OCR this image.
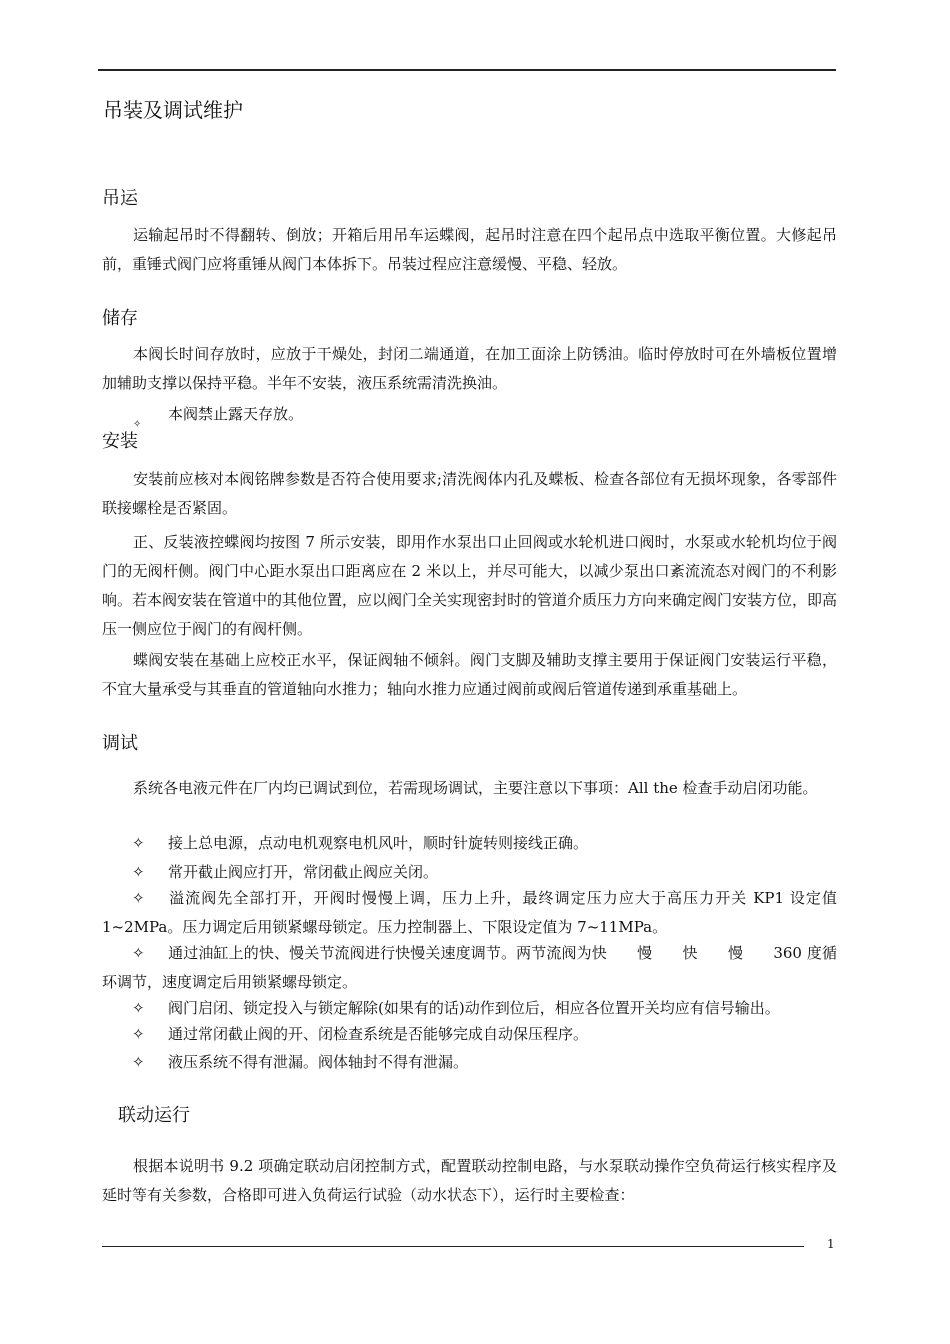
吊装及调试维护
吊运

运输起吊时不得翻转、倒放；开箱后用吊车运蝶阀，起吊时注意在四个起吊点中选取平衡位置。大修起吊前，重锤式阀门应将重锤从阀门本体拆下。吊装过程应注意缓慢、平稳、轻放。

储存

本阀长时间存放时，应放于干燥处，封闭二端通道，在加工面涂上防锈油。临时停放时可在外墙板位置增加辅助支撑以保持平稳。半年不安装，液压系统需清洗换油。

本阀禁止露天存放。

✧
安装

安装前应核对本阀铭牌参数是否符合使用要求;清洗阀体内孔及蝶板、检查各部位有无损坏现象，各零部件联接螺栓是否紧固。

正、反装液控蝶阀均按图 7 所示安装，即用作水泵出口止回阀或水轮机进口阀时，水泵或水轮机均位于阀门的无阀杆侧。阀门中心距水泵出口距离应在 2 米以上，并尽可能大，以减少泵出口紊流流态对阀门的不利影响。若本阀安装在管道中的其他位置，应以阀门全关实现密封时的管道介质压力方向来确定阀门安装方位，即高压一侧应位于阀门的有阀杆侧。

蝶阀安装在基础上应校正水平，保证阀轴不倾斜。阀门支脚及辅助支撑主要用于保证阀门安装运行平稳，不宜大量承受与其垂直的管道轴向水推力；轴向水推力应通过阀前或阀后管道传递到承重基础上。

调试

系统各电液元件在厂内均已调试到位，若需现场调试，主要注意以下事项：All the 检查手动启闭功能。

✧ 接上总电源，点动电机观察电机风叶，顺时针旋转则接线正确。

✧ 常开截止阀应打开，常闭截止阀应关闭。

✧ 溢流阀先全部打开，开阀时慢慢上调，压力上升，最终调定压力应大于高压力开关 KP1 设定值 1~2MPa。压力调定后用锁紧螺母锁定。压力控制器上、下限设定值为 7~11MPa。

✧ 通过油缸上的快、慢关节流阀进行快慢关速度调节。两节流阀为快　　慢　　快　　慢　　360 度循环调节，速度调定后用锁紧螺母锁定。

✧ 阀门启闭、锁定投入与锁定解除(如果有的话)动作到位后，相应各位置开关均应有信号输出。

✧ 通过常闭截止阀的开、闭检查系统是否能够完成自动保压程序。

✧ 液压系统不得有泄漏。阀体轴封不得有泄漏。

联动运行

根据本说明书 9.2 项确定联动启闭控制方式，配置联动控制电路，与水泵联动操作空负荷运行核实程序及延时等有关参数，合格即可进入负荷运行试验（动水状态下），运行时主要检查：

1
